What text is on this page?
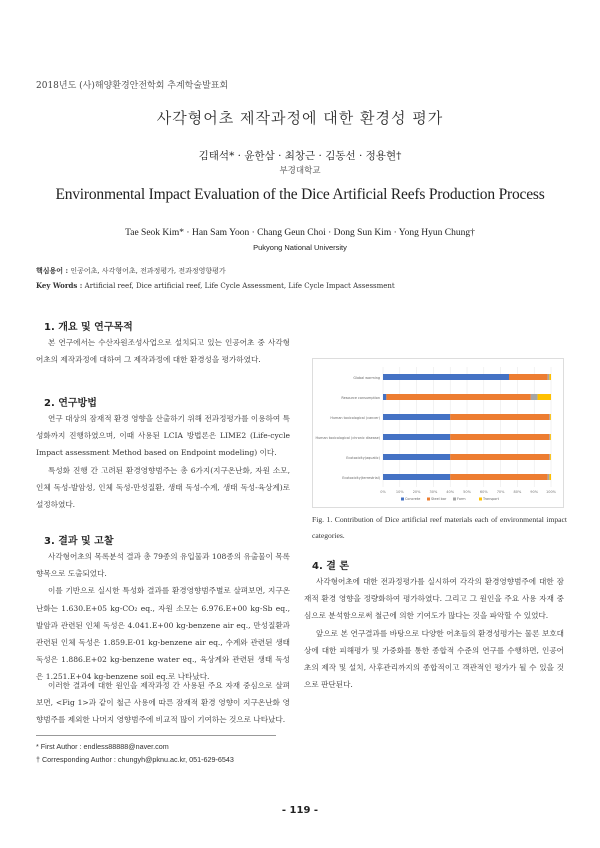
2018년도 (사)해양환경안전학회 추계학술발표회
사각형어초 제작과정에 대한 환경성 평가
김태석* · 윤한삼 · 최창근 · 김동선 · 정용현†
부경대학교
Environmental Impact Evaluation of the Dice Artificial Reefs Production Process
Tae Seok Kim* · Han Sam Yoon · Chang Geun Choi · Dong Sun Kim · Yong Hyun Chung†
Pukyong National University
핵심용어 : 인공어초, 사각형어초, 전과정평가, 전과정영향평가
Key Words : Artificial reef, Dice artificial reef, Life Cycle Assessment, Life Cycle Impact Assessment
1. 개요 및 연구목적

본 연구에서는 수산자원조성사업으로 설치되고 있는 인공어초 중 사각형어초의 제작과정에 대하여 그 제작과정에 대한 환경성을 평가하였다.

2. 연구방법

연구 대상의 잠재적 환경 영향을 산출하기 위해 전과정평가를 이용하여 특성화까지 진행하였으며, 이때 사용된 LCIA 방법론은 LIME2 (Life-cycle Impact assessment Method based on Endpoint modeling) 이다.

특성화 진행 간 고려된 환경영향범주는 총 6가지(지구온난화, 자원 소모, 인체 독성-발암성, 인체 독성-만성질환, 생태 독성-수계, 생태 독성-육상계)로 설정하였다.

3. 결과 및 고찰

사각형어초의 목록분석 결과 총 79종의 유입물과 108종의 유출물이 목록향목으로 도출되었다.

이를 기반으로 실시한 특성화 결과를 환경영향범주별로 살펴보면, 지구온난화는 1.630.E+05 kg-CO₂ eq., 자원 소모는 6.976.E+00 kg-Sb eq., 발암과 관련된 인체 독성은 4.041.E+00 kg-benzene air eq., 만성질환과 관련된 인체 독성은 1.859.E-01 kg-benzene air eq., 수계와 관련된 생태 독성은 1.886.E+02 kg-benzene water eq., 육상계와 관련된 생태 독성은 1.251.E+04 kg-benzene soil eq.로 나타났다.

이러한 결과에 대한 원인을 제작과정 간 사용된 주요 자재 중심으로 살펴보면, <Fig 1>과 같이 철근 사용에 따른 잠재적 환경 영향이 지구온난화 영향범주를 제외한 나머지 영향범주에 비교적 많이 기여하는 것으로 나타났다.

0%	10%	20%	30%	40%	50%	60%	70%	80%	90% 100%
Global warming
Resource consumption
Human toxicological (cancer)
Human toxicological (chronic disease)
Ecotoxicity(aquatic)
Ecotoxicity(terrestrial)
Concrete	Steel bar	Form	Transport
Fig. 1. Contribution of Dice artificial reef materials each of environmental impact categories.
4. 결 론

사각형어초에 대한 전과정평가를 실시하여 각각의 환경영향범주에 대한 잠재적 환경 영향을 정량화하여 평가하였다. 그리고 그 원인을 주요 사용 자재 중심으로 분석함으로써 철근에 의한 기여도가 많다는 것을 파악할 수 있었다.

앞으로 본 연구결과를 바탕으로 다양한 어초들의 환경성평가는 물론 보호대상에 대한 피해평가 및 가중화를 통한 종합적 수준의 연구를 수행하면, 인공어초의 제작 및 설치, 사후관리까지의 종합적이고 객관적인 평가가 될 수 있을 것으로 판단된다.

* First Author : endless88888@naver.com
† Corresponding Author : chungyh@pknu.ac.kr, 051-629-6543
- 119 -
